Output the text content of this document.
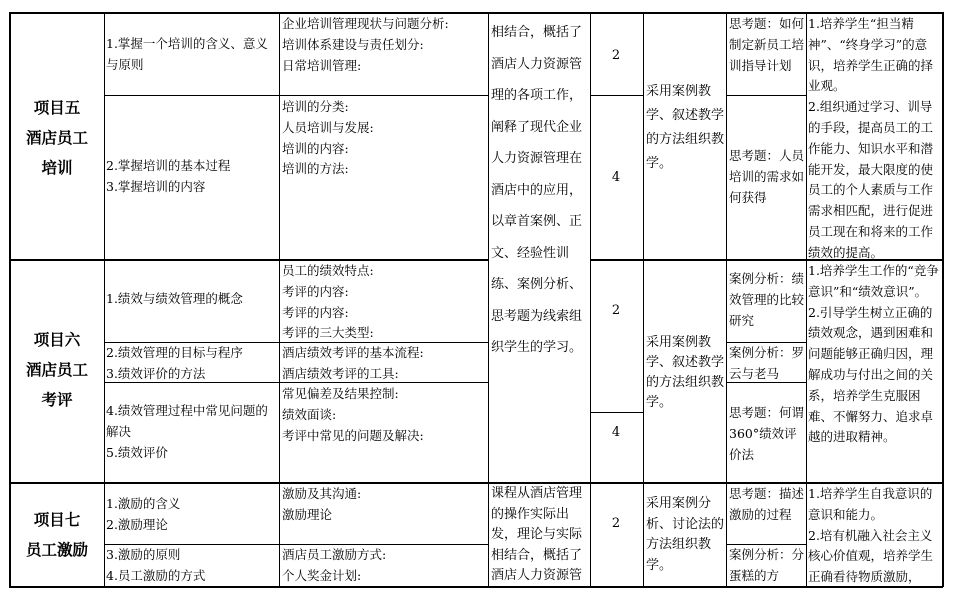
项目五
酒店员工
培训
1.掌握一个培训的含义、意义与原则
2.掌握培训的基本过程
3.掌握培训的内容
企业培训管理现状与问题分析:
培训体系建设与责任划分:
日常培训管理:
培训的分类:
人员培训与发展:
培训的内容:
培训的方法:
相结合，概括了酒店人力资源管理的各项工作，阐释了现代企业人力资源管理在酒店中的应用，以章首案例、正文、经验性训练、案例分析、思考题为线索组织学生的学习。
2
4
采用案例教学、叙述教学的方法组织教学。
思考题：如何制定新员工培训指导计划
思考题：人员培训的需求如何获得
1.培养学生“担当精神”、“终身学习”的意识，培养学生正确的择业观。
2.组织通过学习、训导的手段，提高员工的工作能力、知识水平和潜能开发，最大限度的使员工的个人素质与工作需求相匹配，进行促进员工现在和将来的工作绩效的提高。
项目六
酒店员工
考评
1.绩效与绩效管理的概念
2.绩效管理的目标与程序
3.绩效评价的方法
4.绩效管理过程中常见问题的解决
5.绩效评价
员工的绩效特点:
考评的内容:
考评的内容:
考评的三大类型:
酒店绩效考评的基本流程:
酒店绩效考评的工具:
常见偏差及结果控制:
绩效面谈:
考评中常见的问题及解决:
2
4
采用案例教学、叙述教学的方法组织教学。
案例分析：绩效管理的比较研究
案例分析：罗云与老马
思考题：何谓360°绩效评价法
1.培养学生工作的“竞争意识”和“绩效意识”。
2.引导学生树立正确的绩效观念，遇到困难和问题能够正确归因，理解成功与付出之间的关系，培养学生克服困难、不懈努力、追求卓越的进取精神。
项目七
员工激励
1.激励的含义
2.激励理论
3.激励的原则
4.员工激励的方式
激励及其沟通:
激励理论
酒店员工激励方式:
个人奖金计划:
课程从酒店管理的操作实际出发，理论与实际相结合，概括了酒店人力资源管
2
采用案例分析、讨论法的方法组织教学。
思考题：描述激励的过程
案例分析：分蛋糕的方
1.培养学生自我意识的意识和能力。
2.培有机融入社会主义核心价值观，培养学生正确看待物质激励，
